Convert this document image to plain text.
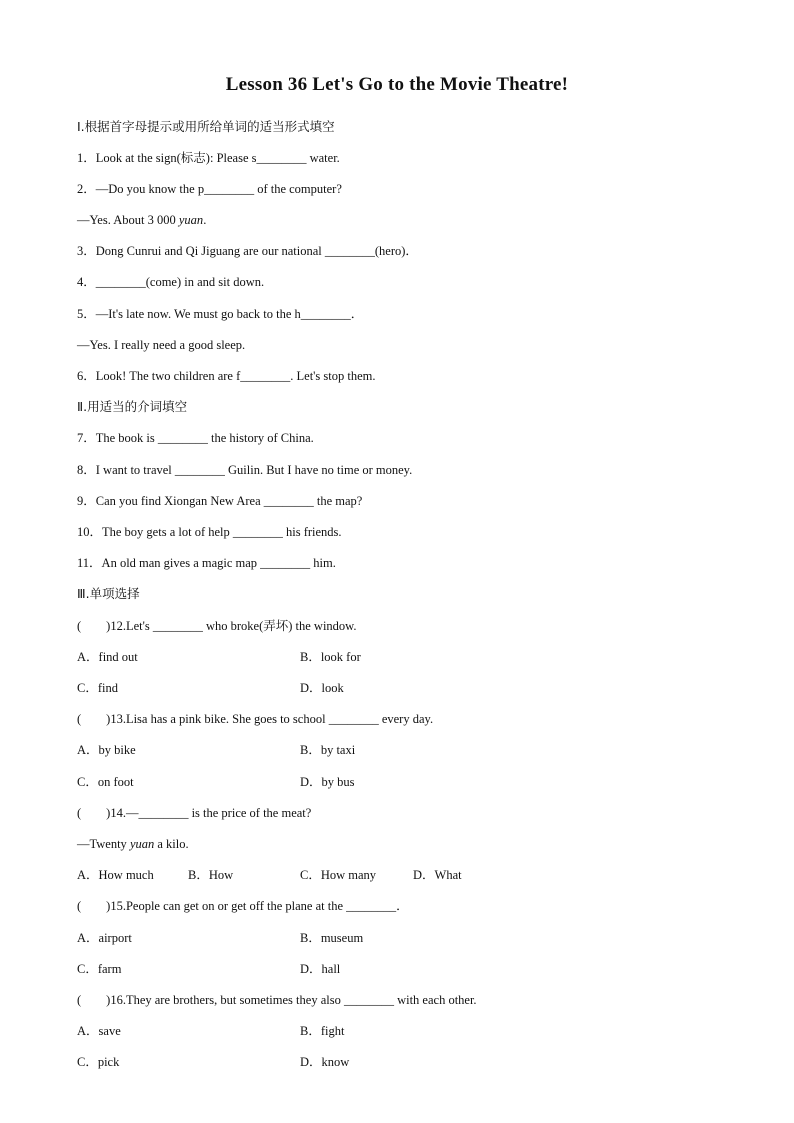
Lesson 36 Let's Go to the Movie Theatre!
Ⅰ.根据首字母提示或用所给单词的适当形式填空
1．Look at the sign(标志): Please s________ water.
2．—Do you know the p________ of the computer?
—Yes. About 3 000 yuan.
3．Dong Cunrui and Qi Jiguang are our national ________(hero)．
4．________(come) in and sit down.
5．—It's late now. We must go back to the h________．
—Yes. I really need a good sleep.
6．Look! The two children are f________. Let's stop them.
Ⅱ.用适当的介词填空
7．The book is ________ the history of China.
8．I want to travel ________ Guilin. But I have no time or money.
9．Can you find Xiongan New Area ________ the map?
10．The boy gets a lot of help ________ his friends.
11．An old man gives a magic map ________ him.
Ⅲ.单项选择
(　　)12.Let's ________ who broke(弄坏) the window.
A．find out	B．look for
C．find	D．look
(　　)13.Lisa has a pink bike. She goes to school ________ every day.
A．by bike	B．by taxi
C．on foot	D．by bus
(　　)14.—________ is the price of the meat?
—Twenty yuan a kilo.
A．How much	B．How	C．How many	D．What
(　　)15.People can get on or get off the plane at the ________．
A．airport	B．museum
C．farm	D．hall
(　　)16.They are brothers, but sometimes they also ________ with each other.
A．save	B．fight
C．pick	D．know
